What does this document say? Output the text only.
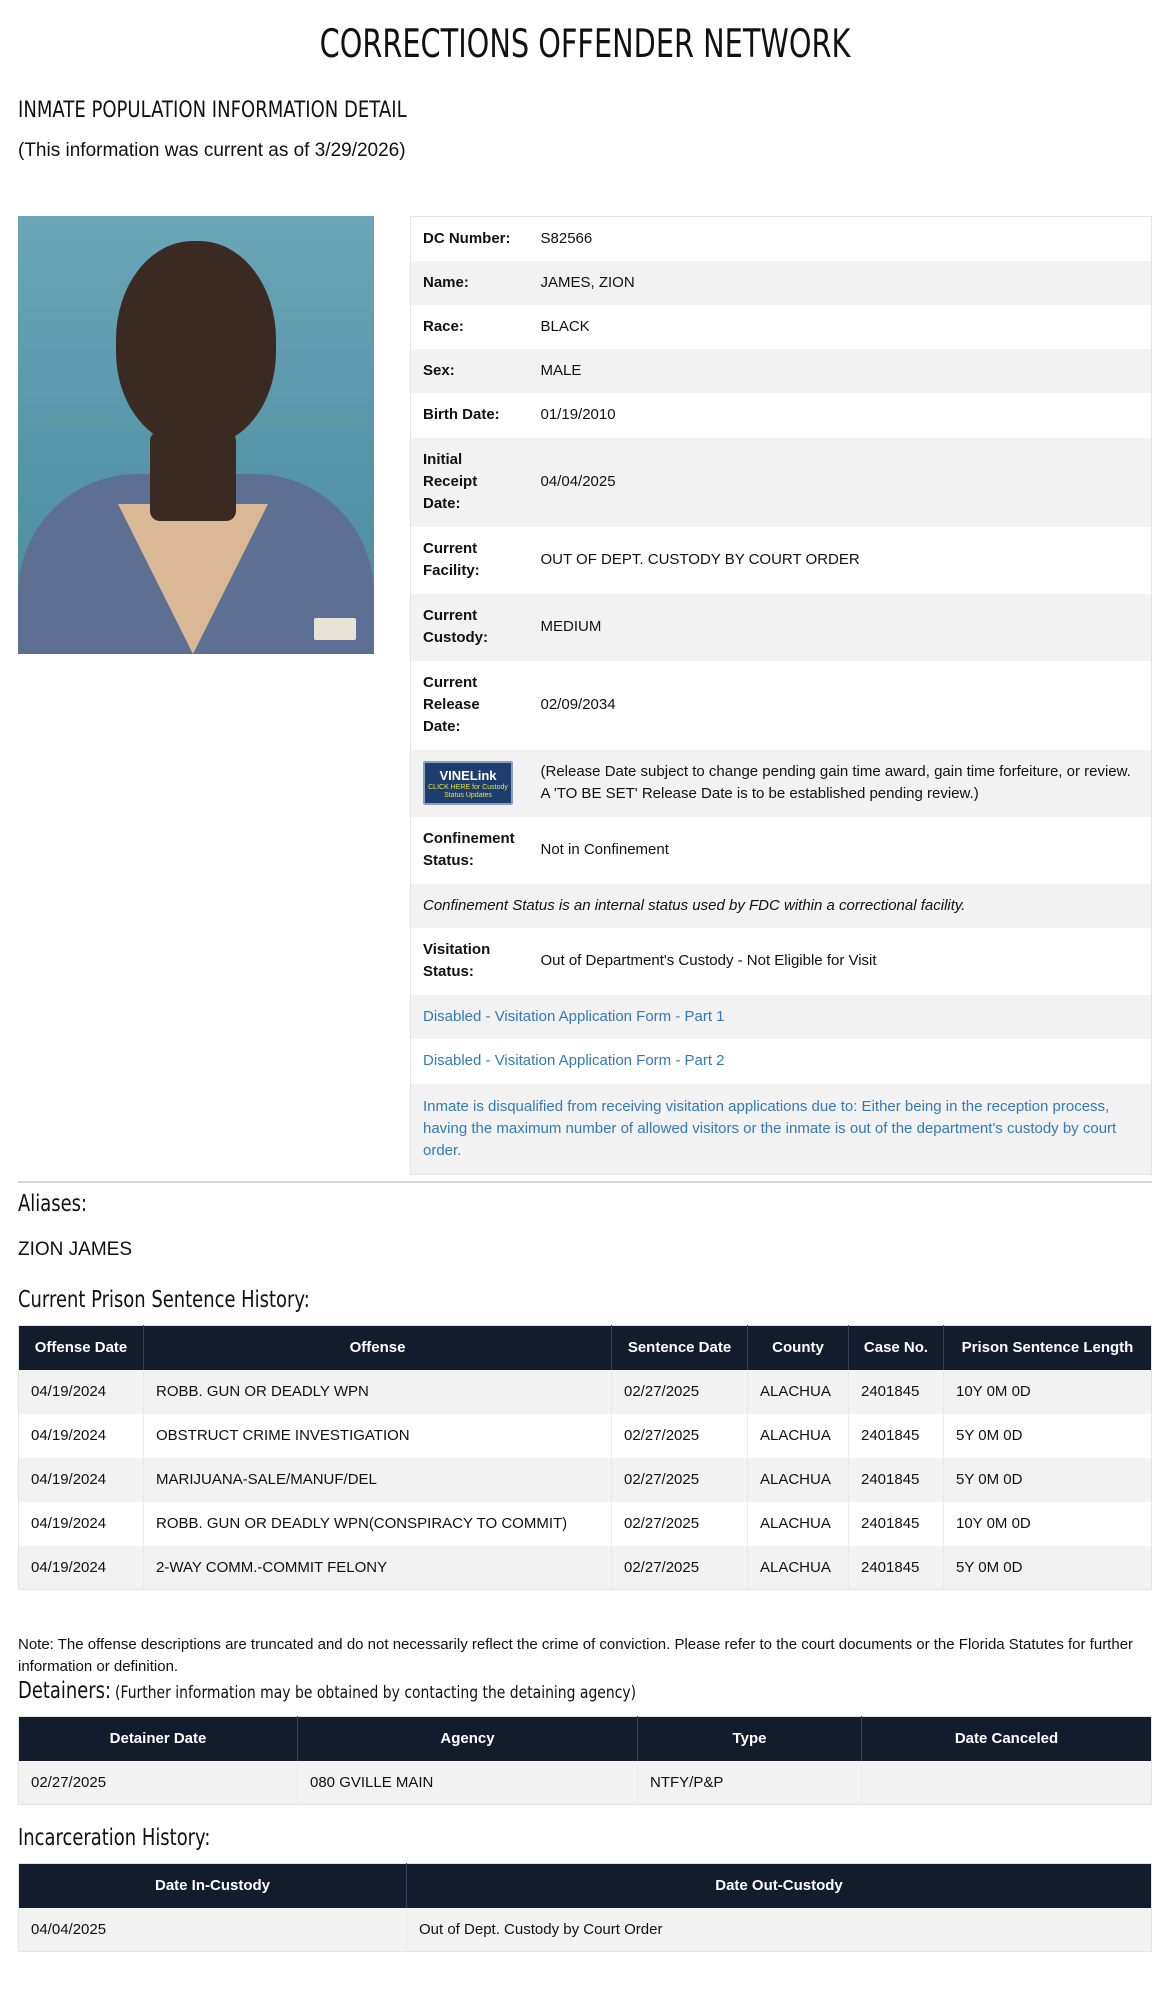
CORRECTIONS OFFENDER NETWORK
INMATE POPULATION INFORMATION DETAIL
(This information was current as of 3/29/2026)
DC Number:	S82566
Name:	JAMES, ZION
Race:	BLACK
Sex:	MALE
Birth Date:	01/19/2010
Initial Receipt Date:	04/04/2025
Current Facility:	OUT OF DEPT. CUSTODY BY COURT ORDER
Current Custody:	MEDIUM
Current Release Date:	02/09/2034
VINELink
CLICK HERE for Custody Status Updates	(Release Date subject to change pending gain time award, gain time forfeiture, or review. A 'TO BE SET' Release Date is to be established pending review.)
Confinement Status:	Not in Confinement
Confinement Status is an internal status used by FDC within a correctional facility.	
Visitation Status:	Out of Department's Custody - Not Eligible for Visit
Disabled - Visitation Application Form - Part 1	
Disabled - Visitation Application Form - Part 2	
Inmate is disqualified from receiving visitation applications due to: Either being in the reception process, having the maximum number of allowed visitors or the inmate is out of the department's custody by court order.	
Aliases:
ZION JAMES
Current Prison Sentence History:
Offense Date	Offense	Sentence Date	County	Case No.	Prison Sentence Length
04/19/2024	ROBB. GUN OR DEADLY WPN	02/27/2025	ALACHUA	2401845	10Y 0M 0D
04/19/2024	OBSTRUCT CRIME INVESTIGATION	02/27/2025	ALACHUA	2401845	5Y 0M 0D
04/19/2024	MARIJUANA-SALE/MANUF/DEL	02/27/2025	ALACHUA	2401845	5Y 0M 0D
04/19/2024	ROBB. GUN OR DEADLY WPN(CONSPIRACY TO COMMIT)	02/27/2025	ALACHUA	2401845	10Y 0M 0D
04/19/2024	2-WAY COMM.-COMMIT FELONY	02/27/2025	ALACHUA	2401845	5Y 0M 0D
Note: The offense descriptions are truncated and do not necessarily reflect the crime of conviction. Please refer to the court documents or the Florida Statutes for further information or definition.
Detainers: (Further information may be obtained by contacting the detaining agency)
Detainer Date	Agency	Type	Date Canceled
02/27/2025	080 GVILLE MAIN	NTFY/P&P	
Incarceration History:
Date In-Custody	Date Out-Custody
04/04/2025	Out of Dept. Custody by Court Order
